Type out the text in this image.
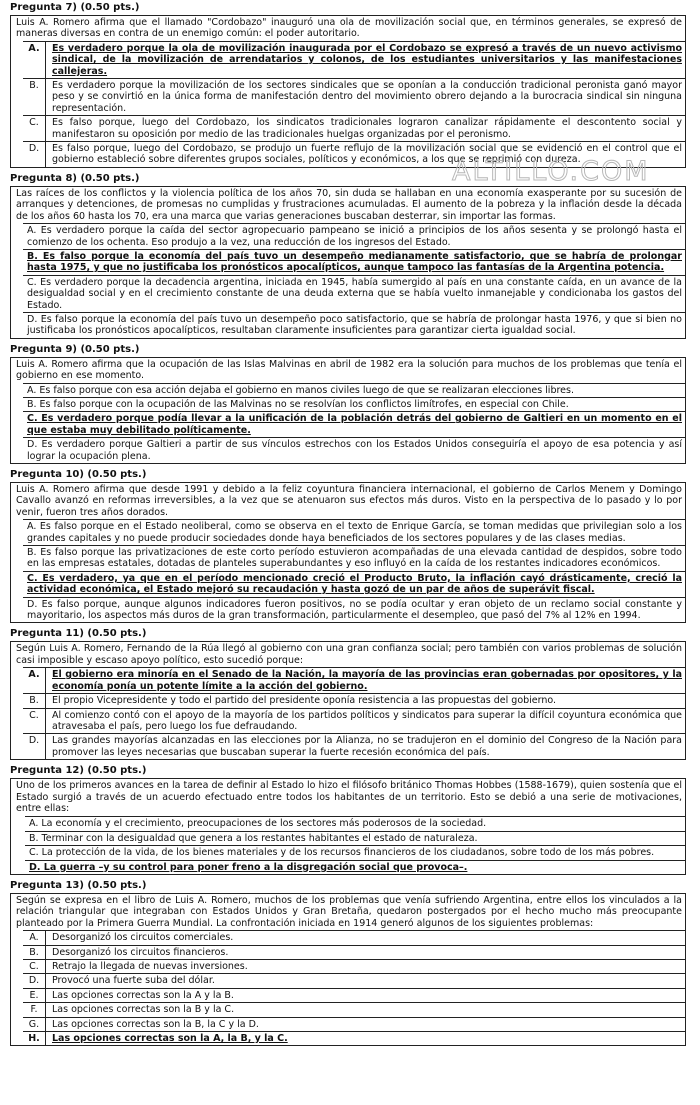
Pregunta 7) (0.50 pts.)
Luis A. Romero afirma que el llamado "Cordobazo" inauguró una ola de movilización social que, en términos generales, se expresó de maneras diversas en contra de un enemigo común: el poder autoritario.
A.	Es verdadero porque la ola de movilización inaugurada por el Cordobazo se expresó a través de un nuevo activismo sindical, de la movilización de arrendatarios y colonos, de los estudiantes universitarios y las manifestaciones callejeras.
B.	Es verdadero porque la movilización de los sectores sindicales que se oponían a la conducción tradicional peronista ganó mayor peso y se convirtió en la única forma de manifestación dentro del movimiento obrero dejando a la burocracia sindical sin ninguna representación.
C.	Es falso porque, luego del Cordobazo, los sindicatos tradicionales lograron canalizar rápidamente el descontento social y manifestaron su oposición por medio de las tradicionales huelgas organizadas por el peronismo.
D.	Es falso porque, luego del Cordobazo, se produjo un fuerte reflujo de la movilización social que se evidenció en el control que el gobierno estableció sobre diferentes grupos sociales, políticos y económicos, a los que se reprimió con dureza.
Pregunta 8) (0.50 pts.)
Las raíces de los conflictos y la violencia política de los años 70, sin duda se hallaban en una economía exasperante por su sucesión de arranques y detenciones, de promesas no cumplidas y frustraciones acumuladas. El aumento de la pobreza y la inflación desde la década de los años 60 hasta los 70, era una marca que varias generaciones buscaban desterrar, sin importar las formas.
A. Es verdadero porque la caída del sector agropecuario pampeano se inició a principios de los años sesenta y se prolongó hasta el comienzo de los ochenta. Eso produjo a la vez, una reducción de los ingresos del Estado.
B. Es falso porque la economía del país tuvo un desempeño medianamente satisfactorio, que se habría de prolongar hasta 1975, y que no justificaba los pronósticos apocalípticos, aunque tampoco las fantasías de la Argentina potencia.
C. Es verdadero porque la decadencia argentina, iniciada en 1945, había sumergido al país en una constante caída, en un avance de la desigualdad social y en el crecimiento constante de una deuda externa que se había vuelto inmanejable y condicionaba los gastos del Estado.
D. Es falso porque la economía del país tuvo un desempeño poco satisfactorio, que se habría de prolongar hasta 1976, y que si bien no justificaba los pronósticos apocalípticos, resultaban claramente insuficientes para garantizar cierta igualdad social.
Pregunta 9) (0.50 pts.)
Luis A. Romero afirma que la ocupación de las Islas Malvinas en abril de 1982 era la solución para muchos de los problemas que tenía el gobierno en ese momento.
A. Es falso porque con esa acción dejaba el gobierno en manos civiles luego de que se realizaran elecciones libres.
B. Es falso porque con la ocupación de las Malvinas no se resolvían los conflictos limítrofes, en especial con Chile.
C. Es verdadero porque podía llevar a la unificación de la población detrás del gobierno de Galtieri en un momento en el que estaba muy debilitado políticamente.
D. Es verdadero porque Galtieri a partir de sus vínculos estrechos con los Estados Unidos conseguiría el apoyo de esa potencia y así lograr la ocupación plena.
Pregunta 10) (0.50 pts.)
Luis A. Romero afirma que desde 1991 y debido a la feliz coyuntura financiera internacional, el gobierno de Carlos Menem y Domingo Cavallo avanzó en reformas irreversibles, a la vez que se atenuaron sus efectos más duros. Visto en la perspectiva de lo pasado y lo por venir, fueron tres años dorados.
A. Es falso porque en el Estado neoliberal, como se observa en el texto de Enrique García, se toman medidas que privilegian solo a los grandes capitales y no puede producir sociedades donde haya beneficiados de los sectores populares y de las clases medias.
B. Es falso porque las privatizaciones de este corto período estuvieron acompañadas de una elevada cantidad de despidos, sobre todo en las empresas estatales, dotadas de planteles superabundantes y eso influyó en la caída de los restantes indicadores económicos.
C. Es verdadero, ya que en el período mencionado creció el Producto Bruto, la inflación cayó drásticamente, creció la actividad económica, el Estado mejoró su recaudación y hasta gozó de un par de años de superávit fiscal.
D. Es falso porque, aunque algunos indicadores fueron positivos, no se podía ocultar y eran objeto de un reclamo social constante y mayoritario, los aspectos más duros de la gran transformación, particularmente el desempleo, que pasó del 7% al 12% en 1994.
Pregunta 11) (0.50 pts.)
Según Luis A. Romero, Fernando de la Rúa llegó al gobierno con una gran confianza social; pero también con varios problemas de solución casi imposible y escaso apoyo político, esto sucedió porque:
A.	El gobierno era minoría en el Senado de la Nación, la mayoría de las provincias eran gobernadas por opositores, y la economía ponía un potente límite a la acción del gobierno.
B.	El propio Vicepresidente y todo el partido del presidente oponía resistencia a las propuestas del gobierno.
C.	Al comienzo contó con el apoyo de la mayoría de los partidos políticos y sindicatos para superar la difícil coyuntura económica que atravesaba el país, pero luego los fue defraudando.
D.	Las grandes mayorías alcanzadas en las elecciones por la Alianza, no se tradujeron en el dominio del Congreso de la Nación para promover las leyes necesarias que buscaban superar la fuerte recesión económica del país.
Pregunta 12) (0.50 pts.)
Uno de los primeros avances en la tarea de definir al Estado lo hizo el filósofo británico Thomas Hobbes (1588-1679), quien sostenía que el Estado surgió a través de un acuerdo efectuado entre todos los habitantes de un territorio. Esto se debió a una serie de motivaciones, entre ellas:
A. La economía y el crecimiento, preocupaciones de los sectores más poderosos de la sociedad.
B. Terminar con la desigualdad que genera a los restantes habitantes el estado de naturaleza.
C. La protección de la vida, de los bienes materiales y de los recursos financieros de los ciudadanos, sobre todo de los más pobres.
D. La guerra –y su control para poner freno a la disgregación social que provoca–.
Pregunta 13) (0.50 pts.)
Según se expresa en el libro de Luis A. Romero, muchos de los problemas que venía sufriendo Argentina, entre ellos los vinculados a la relación triangular que integraban con Estados Unidos y Gran Bretaña, quedaron postergados por el hecho mucho más preocupante planteado por la Primera Guerra Mundial. La confrontación iniciada en 1914 generó algunos de los siguientes problemas:
A.	Desorganizó los circuitos comerciales.
B.	Desorganizó los circuitos financieros.
C.	Retrajo la llegada de nuevas inversiones.
D.	Provocó una fuerte suba del dólar.
E.	Las opciones correctas son la A y la B.
F.	Las opciones correctas son la B y la C.
G.	Las opciones correctas son la B, la C y la D.
H.	Las opciones correctas son la A, la B, y la C.
ALTILLO.COM
